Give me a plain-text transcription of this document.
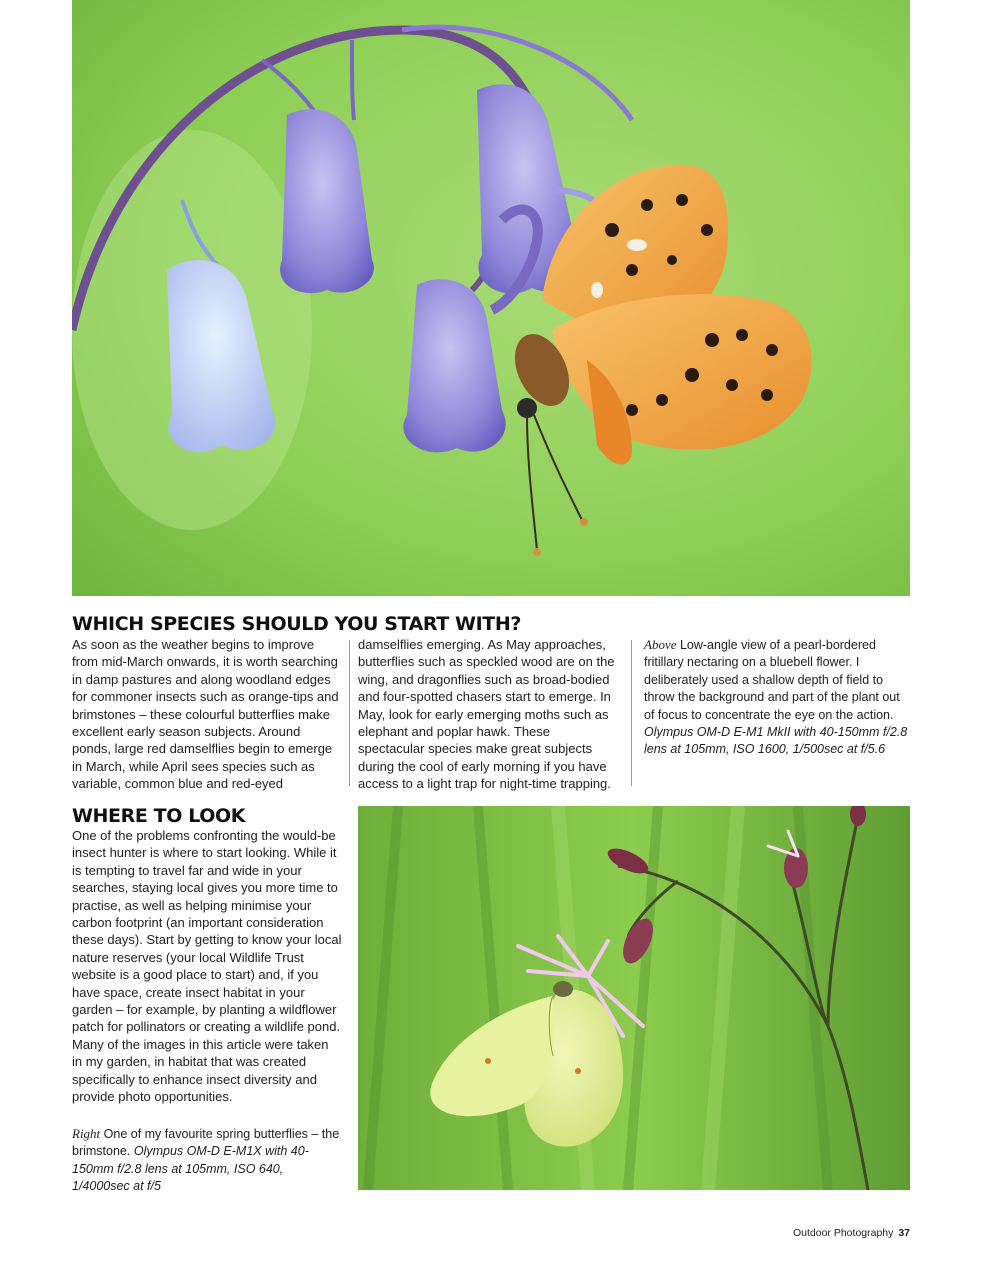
WHICH SPECIES SHOULD YOU START WITH?

As soon as the weather begins to improve from mid-March onwards, it is worth searching in damp pastures and along woodland edges for commoner insects such as orange-tips and brimstones – these colourful butterflies make excellent early season subjects. Around ponds, large red damselflies begin to emerge in March, while April sees species such as variable, common blue and red-eyed

damselflies emerging. As May approaches, butterflies such as speckled wood are on the wing, and dragonflies such as broad-bodied and four-spotted chasers start to emerge. In May, look for early emerging moths such as elephant and poplar hawk. These spectacular species make great subjects during the cool of early morning if you have access to a light trap for night-time trapping.

Above Low-angle view of a pearl-bordered fritillary nectaring on a bluebell flower. I deliberately used a shallow depth of field to throw the background and part of the plant out of focus to concentrate the eye on the action. Olympus OM-D E-M1 MkII with 40-150mm f/2.8 lens at 105mm, ISO 1600, 1/500sec at f/5.6
WHERE TO LOOK

One of the problems confronting the would-be insect hunter is where to start looking. While it is tempting to travel far and wide in your searches, staying local gives you more time to practise, as well as helping minimise your carbon footprint (an important consideration these days). Start by getting to know your local nature reserves (your local Wildlife Trust website is a good place to start) and, if you have space, create insect habitat in your garden – for example, by planting a wildflower patch for pollinators or creating a wildlife pond. Many of the images in this article were taken in my garden, in habitat that was created specifically to enhance insect diversity and provide photo opportunities.

Right One of my favourite spring butterflies – the brimstone. Olympus OM-D E-M1X with 40-150mm f/2.8 lens at 105mm, ISO 640, 1/4000sec at f/5
Outdoor Photography 37
